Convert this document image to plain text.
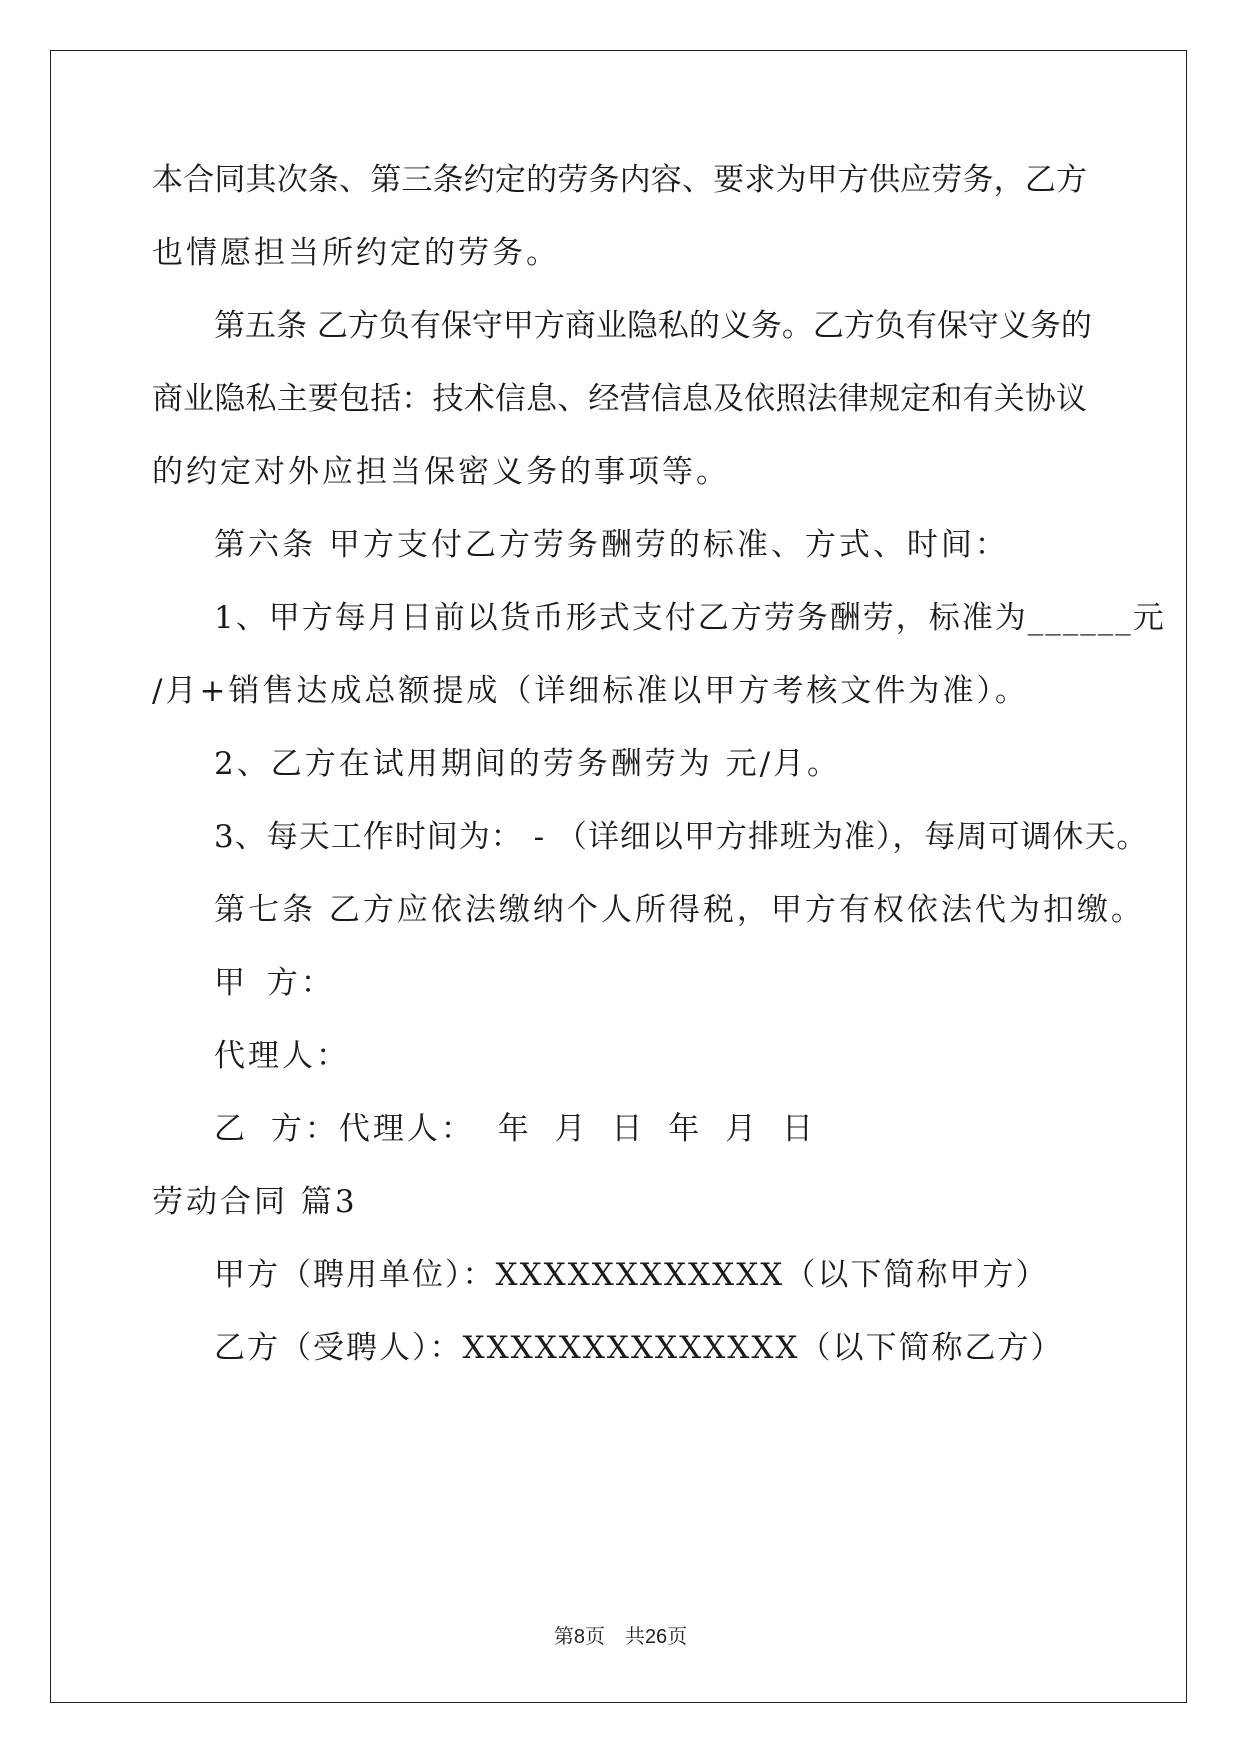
本合同其次条、第三条约定的劳务内容、要求为甲方供应劳务，乙方
也情愿担当所约定的劳务。
第五条 乙方负有保守甲方商业隐私的义务。乙方负有保守义务的
商业隐私主要包括：技术信息、经营信息及依照法律规定和有关协议
的约定对外应担当保密义务的事项等。
第六条 甲方支付乙方劳务酬劳的标准、方式、时间：
1、甲方每月日前以货币形式支付乙方劳务酬劳，标准为______元
/月+销售达成总额提成（详细标准以甲方考核文件为准）。
2、乙方在试用期间的劳务酬劳为 元/月。
3、每天工作时间为： - （详细以甲方排班为准），每周可调休天。
第七条 乙方应依法缴纳个人所得税，甲方有权依法代为扣缴。
甲 方：
代理人：
乙 方：代理人： 年 月 日 年 月 日
劳动合同 篇3
甲方（聘用单位）：XXXXXXXXXXXX（以下简称甲方）
乙方（受聘人）：XXXXXXXXXXXXXX（以下简称乙方）
第8页　共26页
